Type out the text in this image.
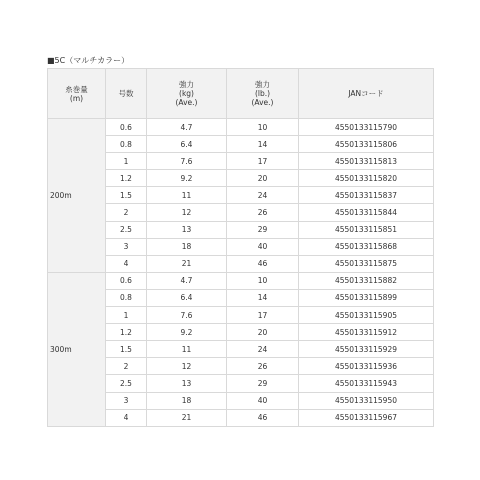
■5C（マルチカラー）
糸巻量
(m)	号数	強力
(kg)
(Ave.)	強力
(lb.)
(Ave.)	JANコード

200m	0.6	4.7	10	4550133115790
	0.8	6.4	14	4550133115806
	1	7.6	17	4550133115813
	1.2	9.2	20	4550133115820
	1.5	11	24	4550133115837
	2	12	26	4550133115844
	2.5	13	29	4550133115851
	3	18	40	4550133115868
	4	21	46	4550133115875
300m	0.6	4.7	10	4550133115882
	0.8	6.4	14	4550133115899
	1	7.6	17	4550133115905
	1.2	9.2	20	4550133115912
	1.5	11	24	4550133115929
	2	12	26	4550133115936
	2.5	13	29	4550133115943
	3	18	40	4550133115950
	4	21	46	4550133115967
